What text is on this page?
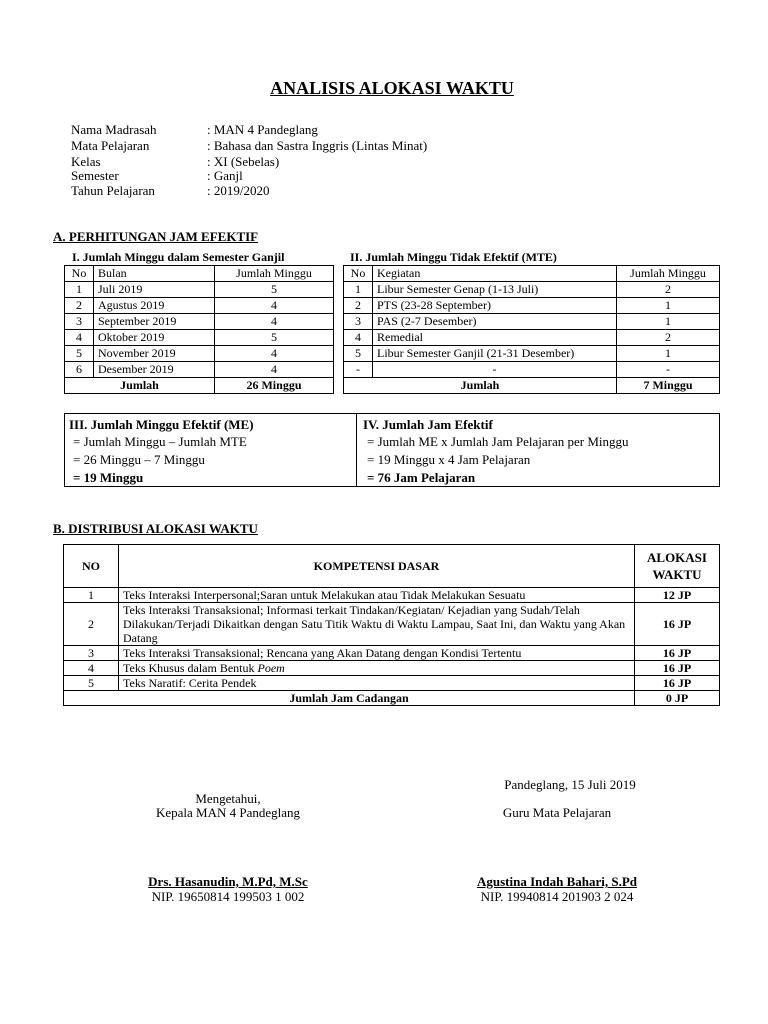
ANALISIS ALOKASI WAKTU
Nama Madrasah	: MAN 4 Pandeglang
Mata Pelajaran	: Bahasa dan Sastra Inggris (Lintas Minat)
Kelas	: XI (Sebelas)
Semester	: Ganjl
Tahun Pelajaran	: 2019/2020
A. PERHITUNGAN JAM EFEKTIF
I. Jumlah Minggu dalam Semester Ganjil
No	Bulan	Jumlah Minggu
1	Juli 2019	5
2	Agustus 2019	4
3	September 2019	4
4	Oktober 2019	5
5	November 2019	4
6	Desember 2019	4
Jumlah		26 Minggu
II. Jumlah Minggu Tidak Efektif (MTE)
No	Kegiatan	Jumlah Minggu
1	Libur Semester Genap (1-13 Juli)	2
2	PTS (23-28 September)	1
3	PAS (2-7 Desember)	1
4	Remedial	2
5	Libur Semester Ganjil (21-31 Desember)	1
-	-	-
Jumlah		7 Minggu
III. Jumlah Minggu Efektif (ME)
= Jumlah Minggu – Jumlah MTE
= 26 Minggu – 7 Minggu
= 19 Minggu
IV. Jumlah Jam Efektif
= Jumlah ME x Jumlah Jam Pelajaran per Minggu
= 19 Minggu x 4 Jam Pelajaran
= 76 Jam Pelajaran
B. DISTRIBUSI ALOKASI WAKTU
NO	KOMPETENSI DASAR	ALOKASI
WAKTU
1	Teks Interaksi Interpersonal;Saran untuk Melakukan atau Tidak Melakukan Sesuatu	12 JP
2	Teks Interaksi Transaksional; Informasi terkait Tindakan/Kegiatan/ Kejadian yang Sudah/Telah Dilakukan/Terjadi Dikaitkan dengan Satu Titik Waktu di Waktu Lampau, Saat Ini, dan Waktu yang Akan Datang	16 JP
3	Teks Interaksi Transaksional; Rencana yang Akan Datang dengan Kondisi Tertentu	16 JP
4	Teks Khusus dalam Bentuk Poem	16 JP
5	Teks Naratif: Cerita Pendek	16 JP
Jumlah Jam Cadangan		0 JP
Pandeglang, 15 Juli 2019
Mengetahui,
Kepala MAN 4 Pandeglang	Guru Mata Pelajaran
Drs. Hasanudin, M.Pd, M.Sc
NIP. 19650814 199503 1 002
Agustina Indah Bahari, S.Pd
NIP. 19940814 201903 2 024
